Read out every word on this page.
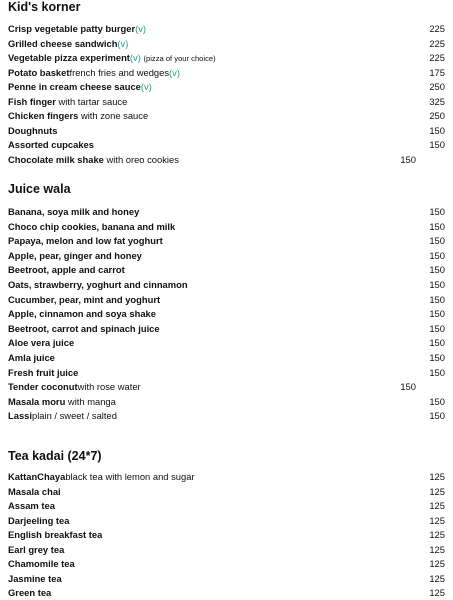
Kid's korner
Crisp vegetable patty burger(v)	225
Grilled cheese sandwich(v)	225
Vegetable pizza experiment(v) (pizza of your choice)	225
Potato basketfrench fries and wedges(v)	175
Penne in cream cheese sauce(v)	250
Fish finger with tartar sauce	325
Chicken fingers with zone sauce	250
Doughnuts	150
Assorted cupcakes	150
Chocolate milk shake with oreo cookies	150
Juice wala
Banana, soya milk and honey	150
Choco chip cookies, banana and milk	150
Papaya, melon and low fat yoghurt	150
Apple, pear, ginger and honey	150
Beetroot, apple and carrot	150
Oats, strawberry, yoghurt and cinnamon	150
Cucumber, pear, mint and yoghurt	150
Apple, cinnamon and soya shake	150
Beetroot, carrot and spinach juice	150
Aloe vera juice	150
Amla juice	150
Fresh fruit juice	150
Tender coconutwith rose water	150
Masala moru with manga	150
Lassiplain / sweet / salted	150
Tea kadai (24*7)
KattanChayablack tea with lemon and sugar	125
Masala chai	125
Assam tea	125
Darjeeling tea	125
English breakfast tea	125
Earl grey tea	125
Chamomile tea	125
Jasmine tea	125
Green tea	125
